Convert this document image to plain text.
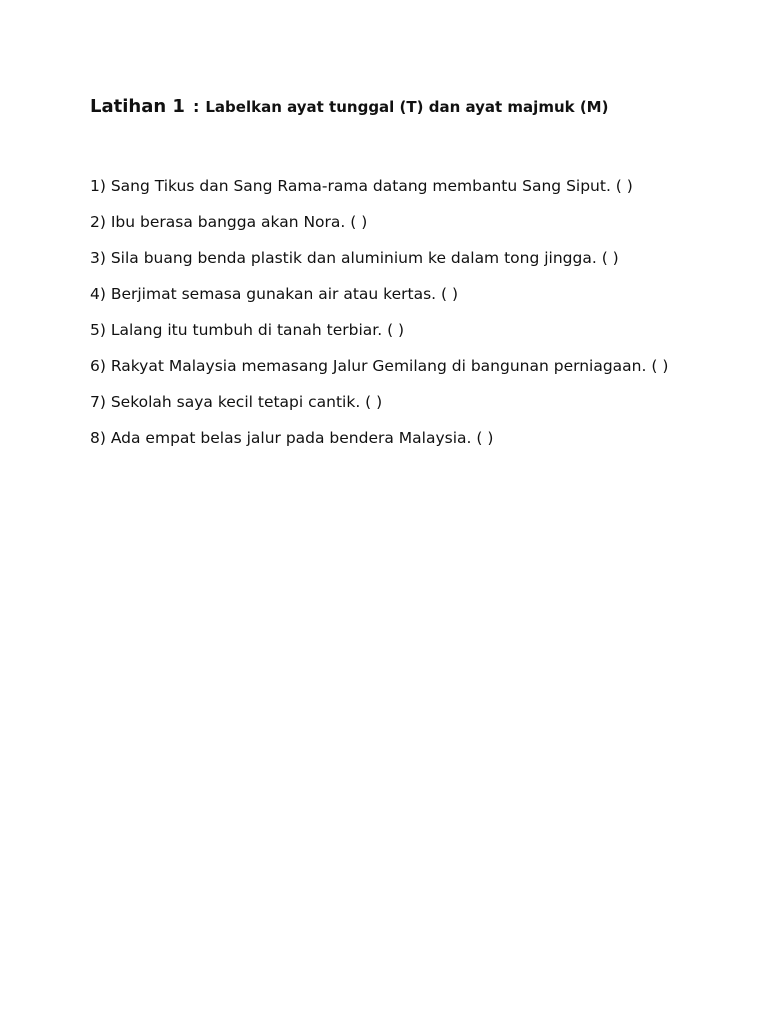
Latihan 1 : Labelkan ayat tunggal (T) dan ayat majmuk (M)
1) Sang Tikus dan Sang Rama-rama datang membantu Sang Siput. ( )
2) Ibu berasa bangga akan Nora. ( )
3) Sila buang benda plastik dan aluminium ke dalam tong jingga. ( )
4) Berjimat semasa gunakan air atau kertas. ( )
5) Lalang itu tumbuh di tanah terbiar. ( )
6) Rakyat Malaysia memasang Jalur Gemilang di bangunan perniagaan. ( )
7) Sekolah saya kecil tetapi cantik. ( )
8) Ada empat belas jalur pada bendera Malaysia. ( )
